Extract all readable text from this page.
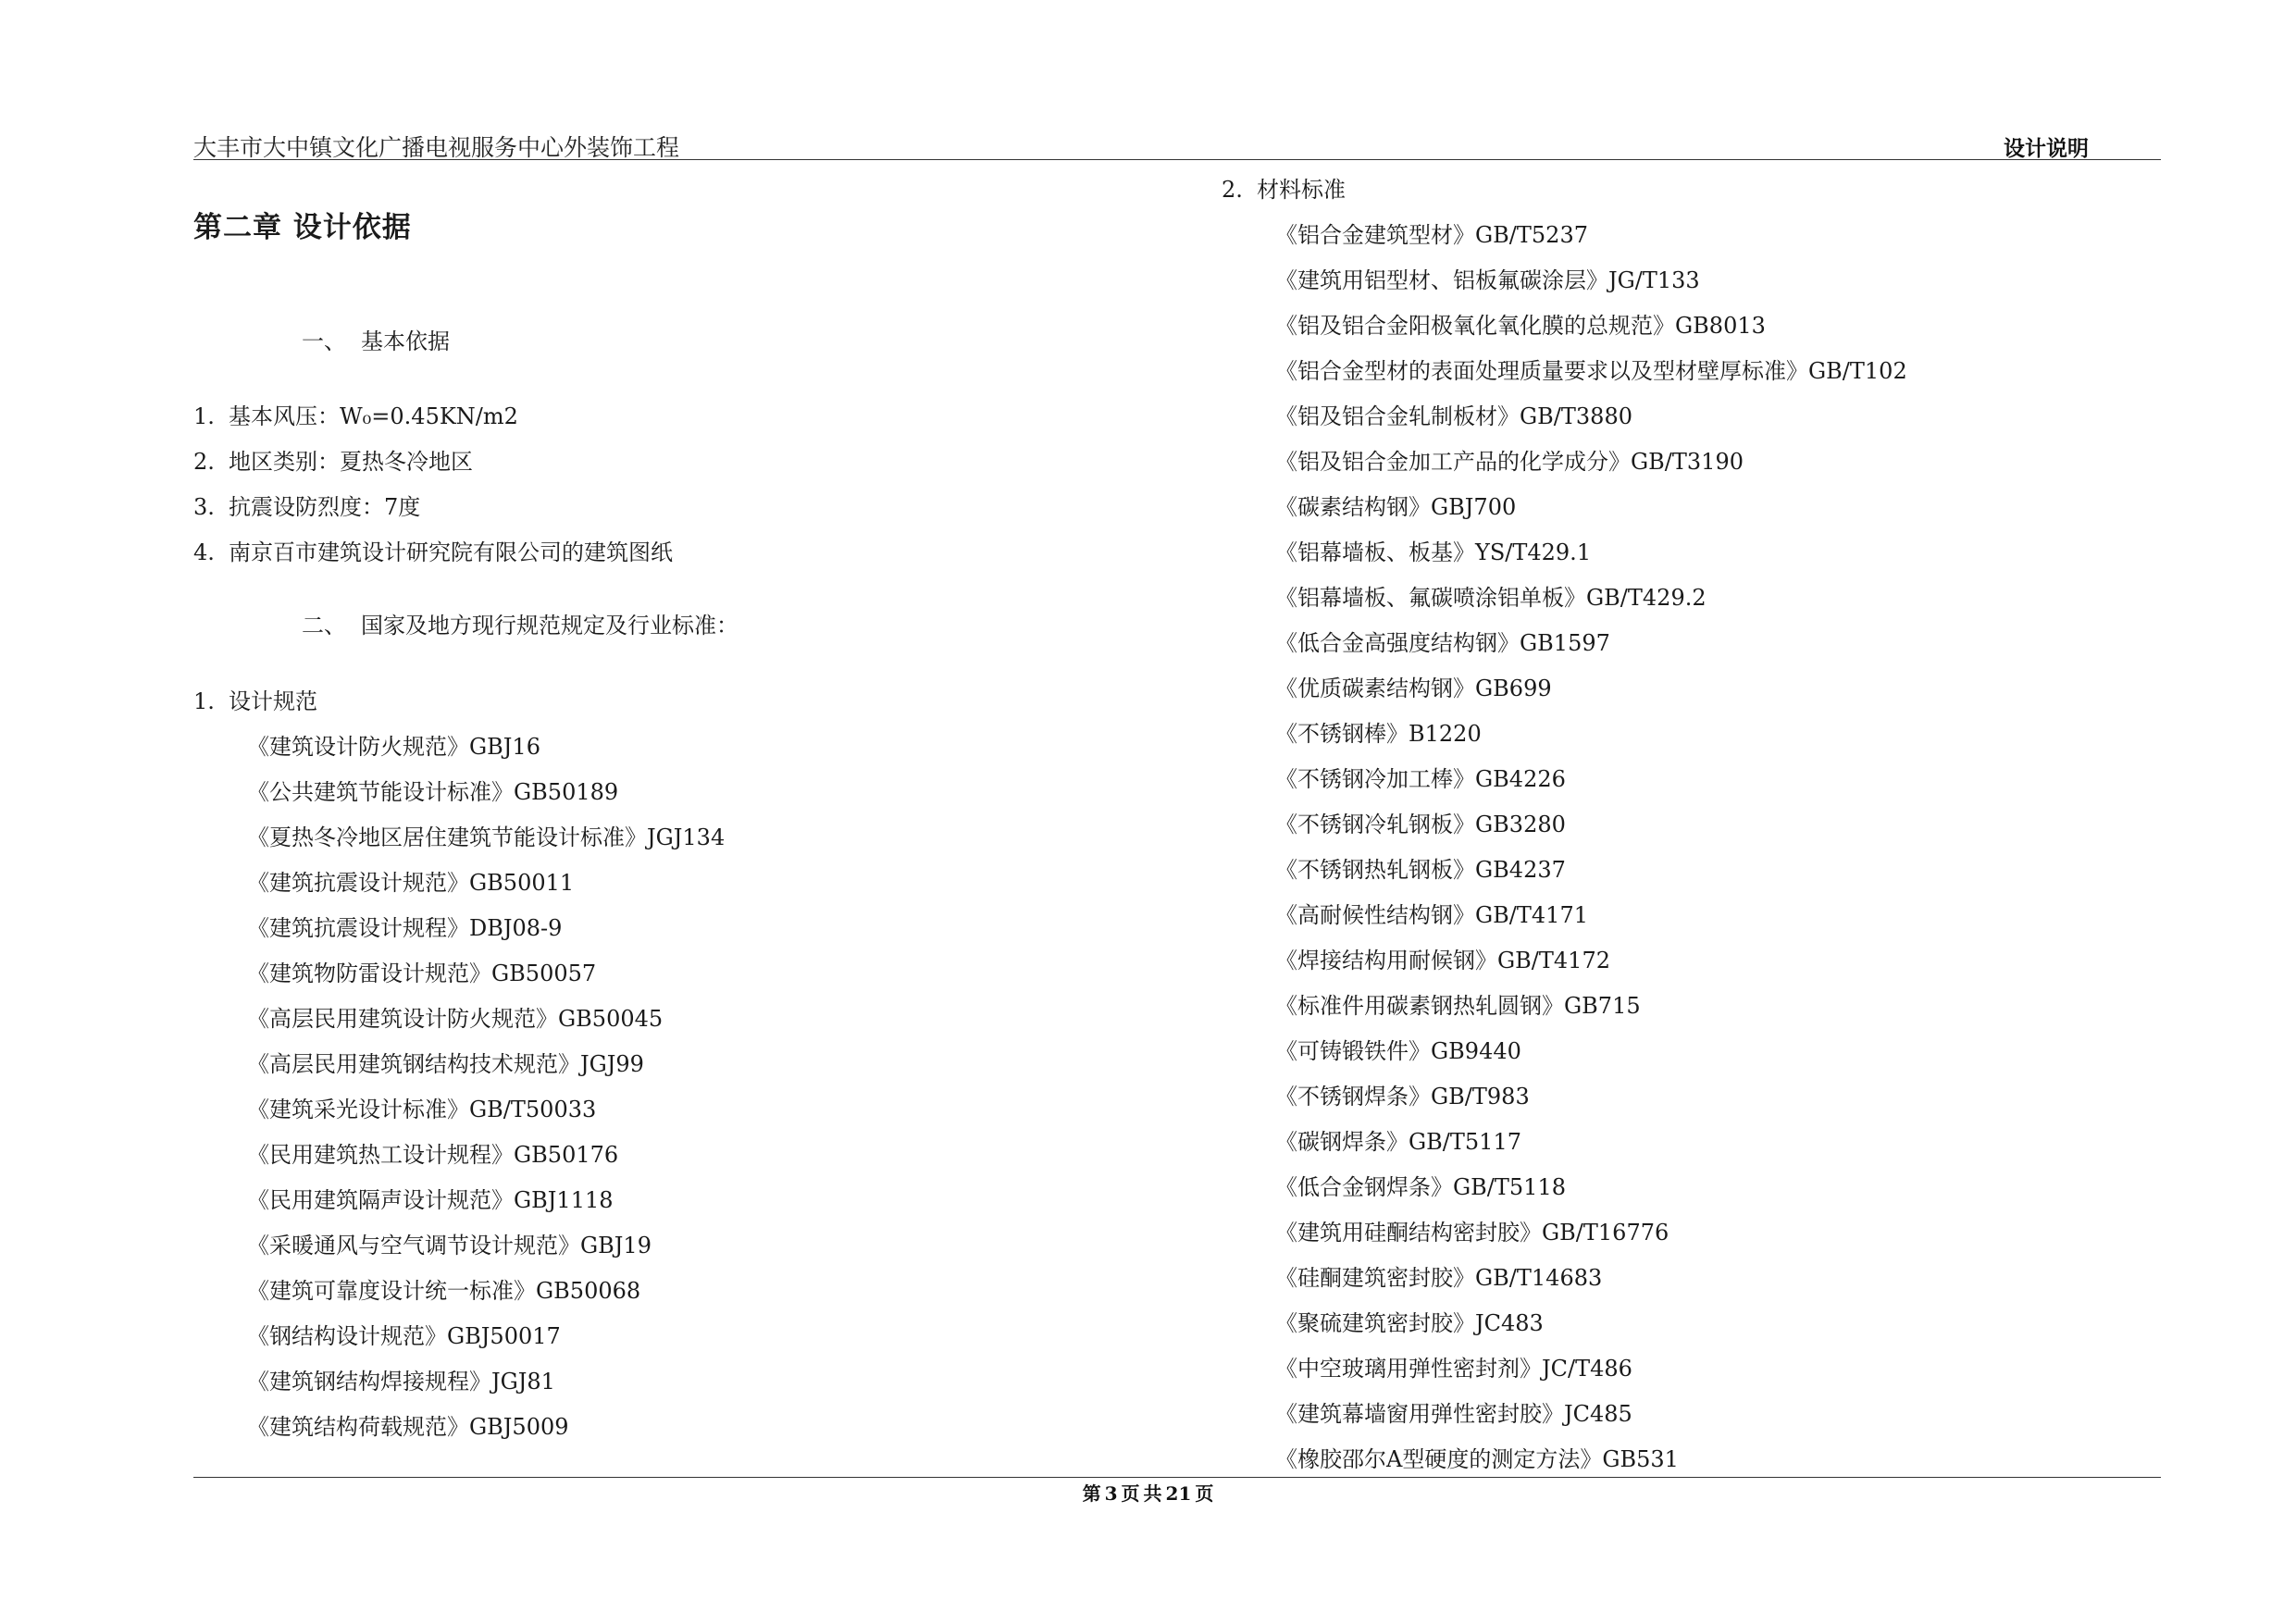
大丰市大中镇文化广播电视服务中心外装饰工程	设计说明
第二章 设计依据
一、 基本依据
1. 基本风压：W₀=0.45KN/m2
2. 地区类别：夏热冬冷地区
3. 抗震设防烈度：7度
4. 南京百市建筑设计研究院有限公司的建筑图纸
二、 国家及地方现行规范规定及行业标准：
1. 设计规范
《建筑设计防火规范》GBJ16
《公共建筑节能设计标准》GB50189
《夏热冬冷地区居住建筑节能设计标准》JGJ134
《建筑抗震设计规范》GB50011
《建筑抗震设计规程》DBJ08-9
《建筑物防雷设计规范》GB50057
《高层民用建筑设计防火规范》GB50045
《高层民用建筑钢结构技术规范》JGJ99
《建筑采光设计标准》GB/T50033
《民用建筑热工设计规程》GB50176
《民用建筑隔声设计规范》GBJ1118
《采暖通风与空气调节设计规范》GBJ19
《建筑可靠度设计统一标准》GB50068
《钢结构设计规范》GBJ50017
《建筑钢结构焊接规程》JGJ81
《建筑结构荷载规范》GBJ5009
2. 材料标准
《铝合金建筑型材》GB/T5237
《建筑用铝型材、铝板氟碳涂层》JG/T133
《铝及铝合金阳极氧化氧化膜的总规范》GB8013
《铝合金型材的表面处理质量要求以及型材壁厚标准》GB/T102
《铝及铝合金轧制板材》GB/T3880
《铝及铝合金加工产品的化学成分》GB/T3190
《碳素结构钢》GBJ700
《铝幕墙板、板基》YS/T429.1
《铝幕墙板、氟碳喷涂铝单板》GB/T429.2
《低合金高强度结构钢》GB1597
《优质碳素结构钢》GB699
《不锈钢棒》B1220
《不锈钢冷加工棒》GB4226
《不锈钢冷轧钢板》GB3280
《不锈钢热轧钢板》GB4237
《高耐候性结构钢》GB/T4171
《焊接结构用耐候钢》GB/T4172
《标准件用碳素钢热轧圆钢》GB715
《可铸锻铁件》GB9440
《不锈钢焊条》GB/T983
《碳钢焊条》GB/T5117
《低合金钢焊条》GB/T5118
《建筑用硅酮结构密封胶》GB/T16776
《硅酮建筑密封胶》GB/T14683
《聚硫建筑密封胶》JC483
《中空玻璃用弹性密封剂》JC/T486
《建筑幕墙窗用弹性密封胶》JC485
《橡胶邵尔A型硬度的测定方法》GB531
第 3 页 共 21 页
